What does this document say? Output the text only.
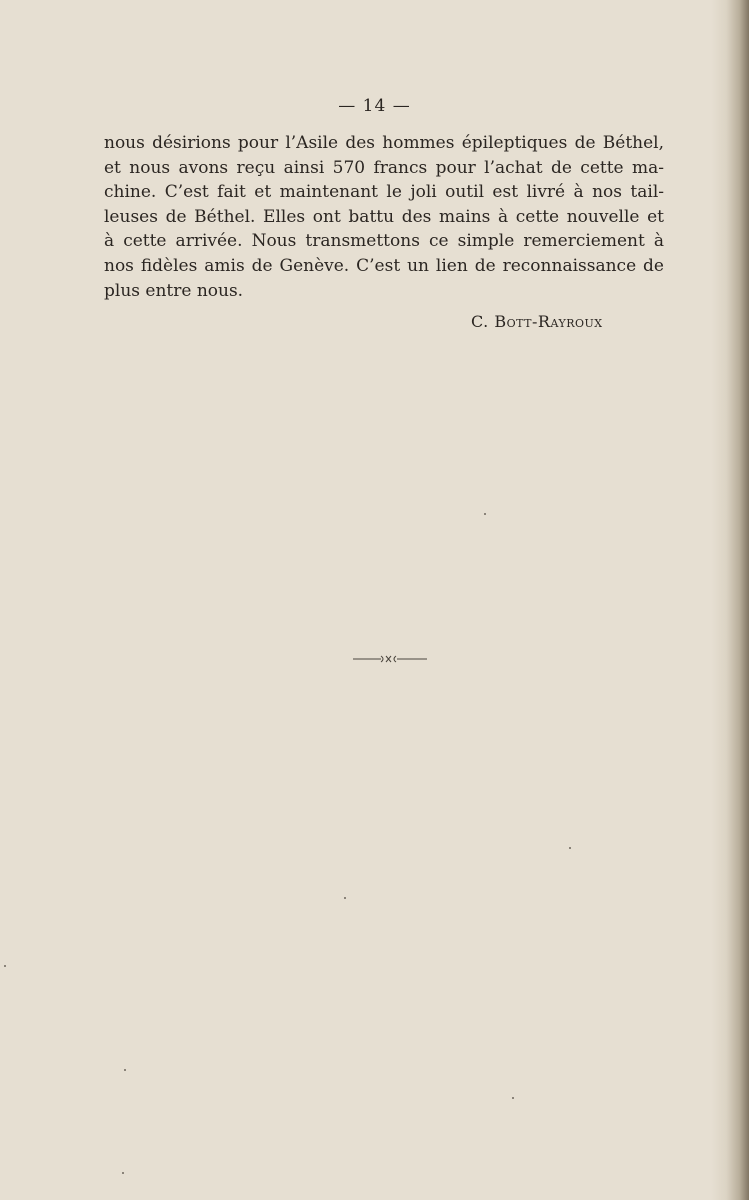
— 14 —
nous désirions pour l’Asile des hommes épileptiques de Béthel,
et nous avons reçu ainsi 570 francs pour l’achat de cette ma-
chine. C’est fait et maintenant le joli outil est livré à nos tail-
leuses de Béthel. Elles ont battu des mains à cette nouvelle et
à cette arrivée. Nous transmettons ce simple remerciement à
nos fidèles amis de Genève. C’est un lien de reconnaissance de
plus entre nous.
C. Bott-Rayroux
